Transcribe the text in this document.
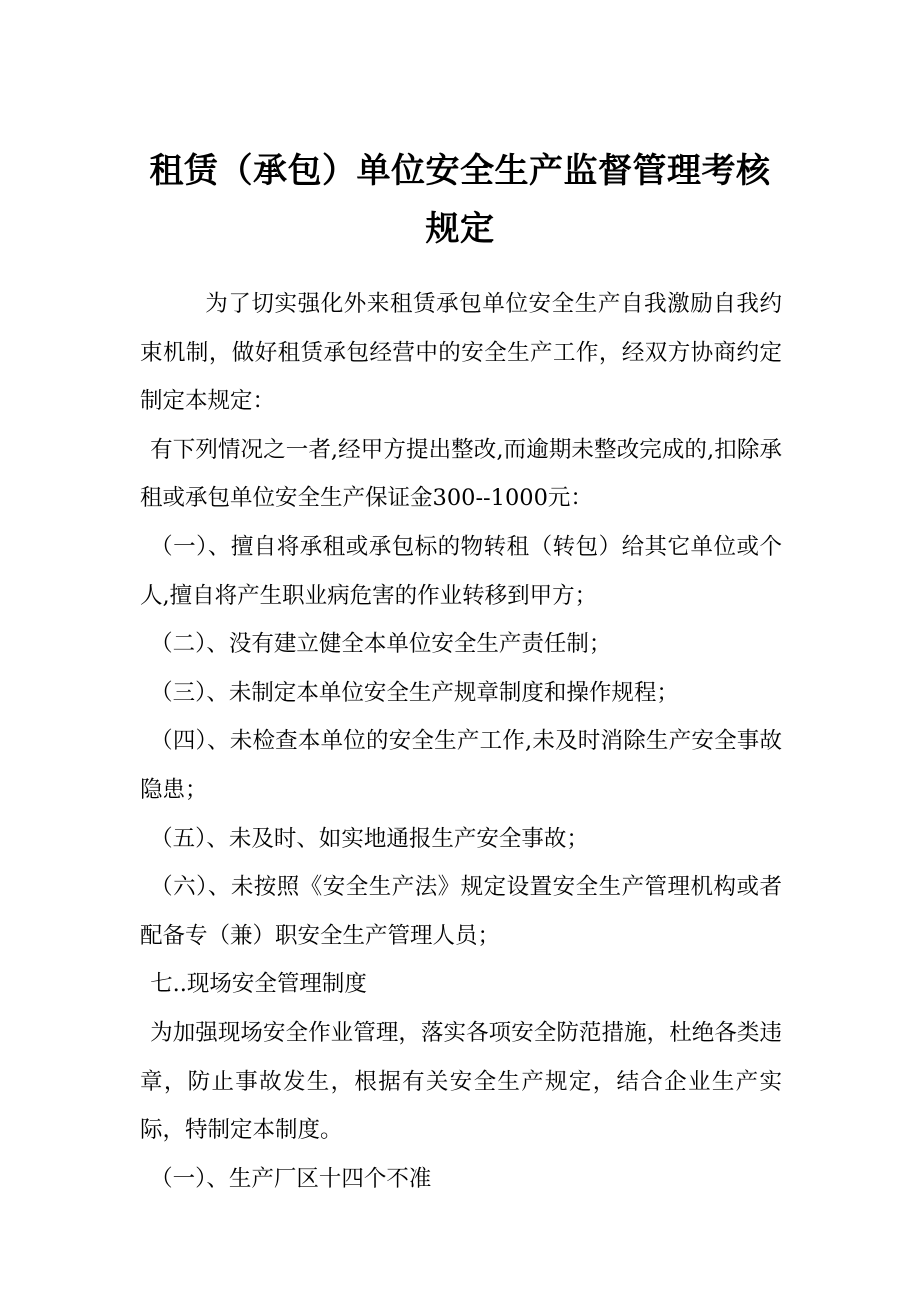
租赁（承包）单位安全生产监督管理考核规定

为了切实强化外来租赁承包单位安全生产自我激励自我约束机制，做好租赁承包经营中的安全生产工作，经双方协商约定制定本规定：

有下列情况之一者,经甲方提出整改,而逾期未整改完成的,扣除承租或承包单位安全生产保证金300--1000元：

（一）、擅自将承租或承包标的物转租（转包）给其它单位或个人,擅自将产生职业病危害的作业转移到甲方；

（二）、没有建立健全本单位安全生产责任制；

（三）、未制定本单位安全生产规章制度和操作规程；

（四）、未检查本单位的安全生产工作,未及时消除生产安全事故隐患；

（五）、未及时、如实地通报生产安全事故；

（六）、未按照《安全生产法》规定设置安全生产管理机构或者配备专（兼）职安全生产管理人员；

七..现场安全管理制度

为加强现场安全作业管理，落实各项安全防范措施，杜绝各类违章，防止事故发生，根据有关安全生产规定，结合企业生产实际，特制定本制度。

（一）、生产厂区十四个不准
